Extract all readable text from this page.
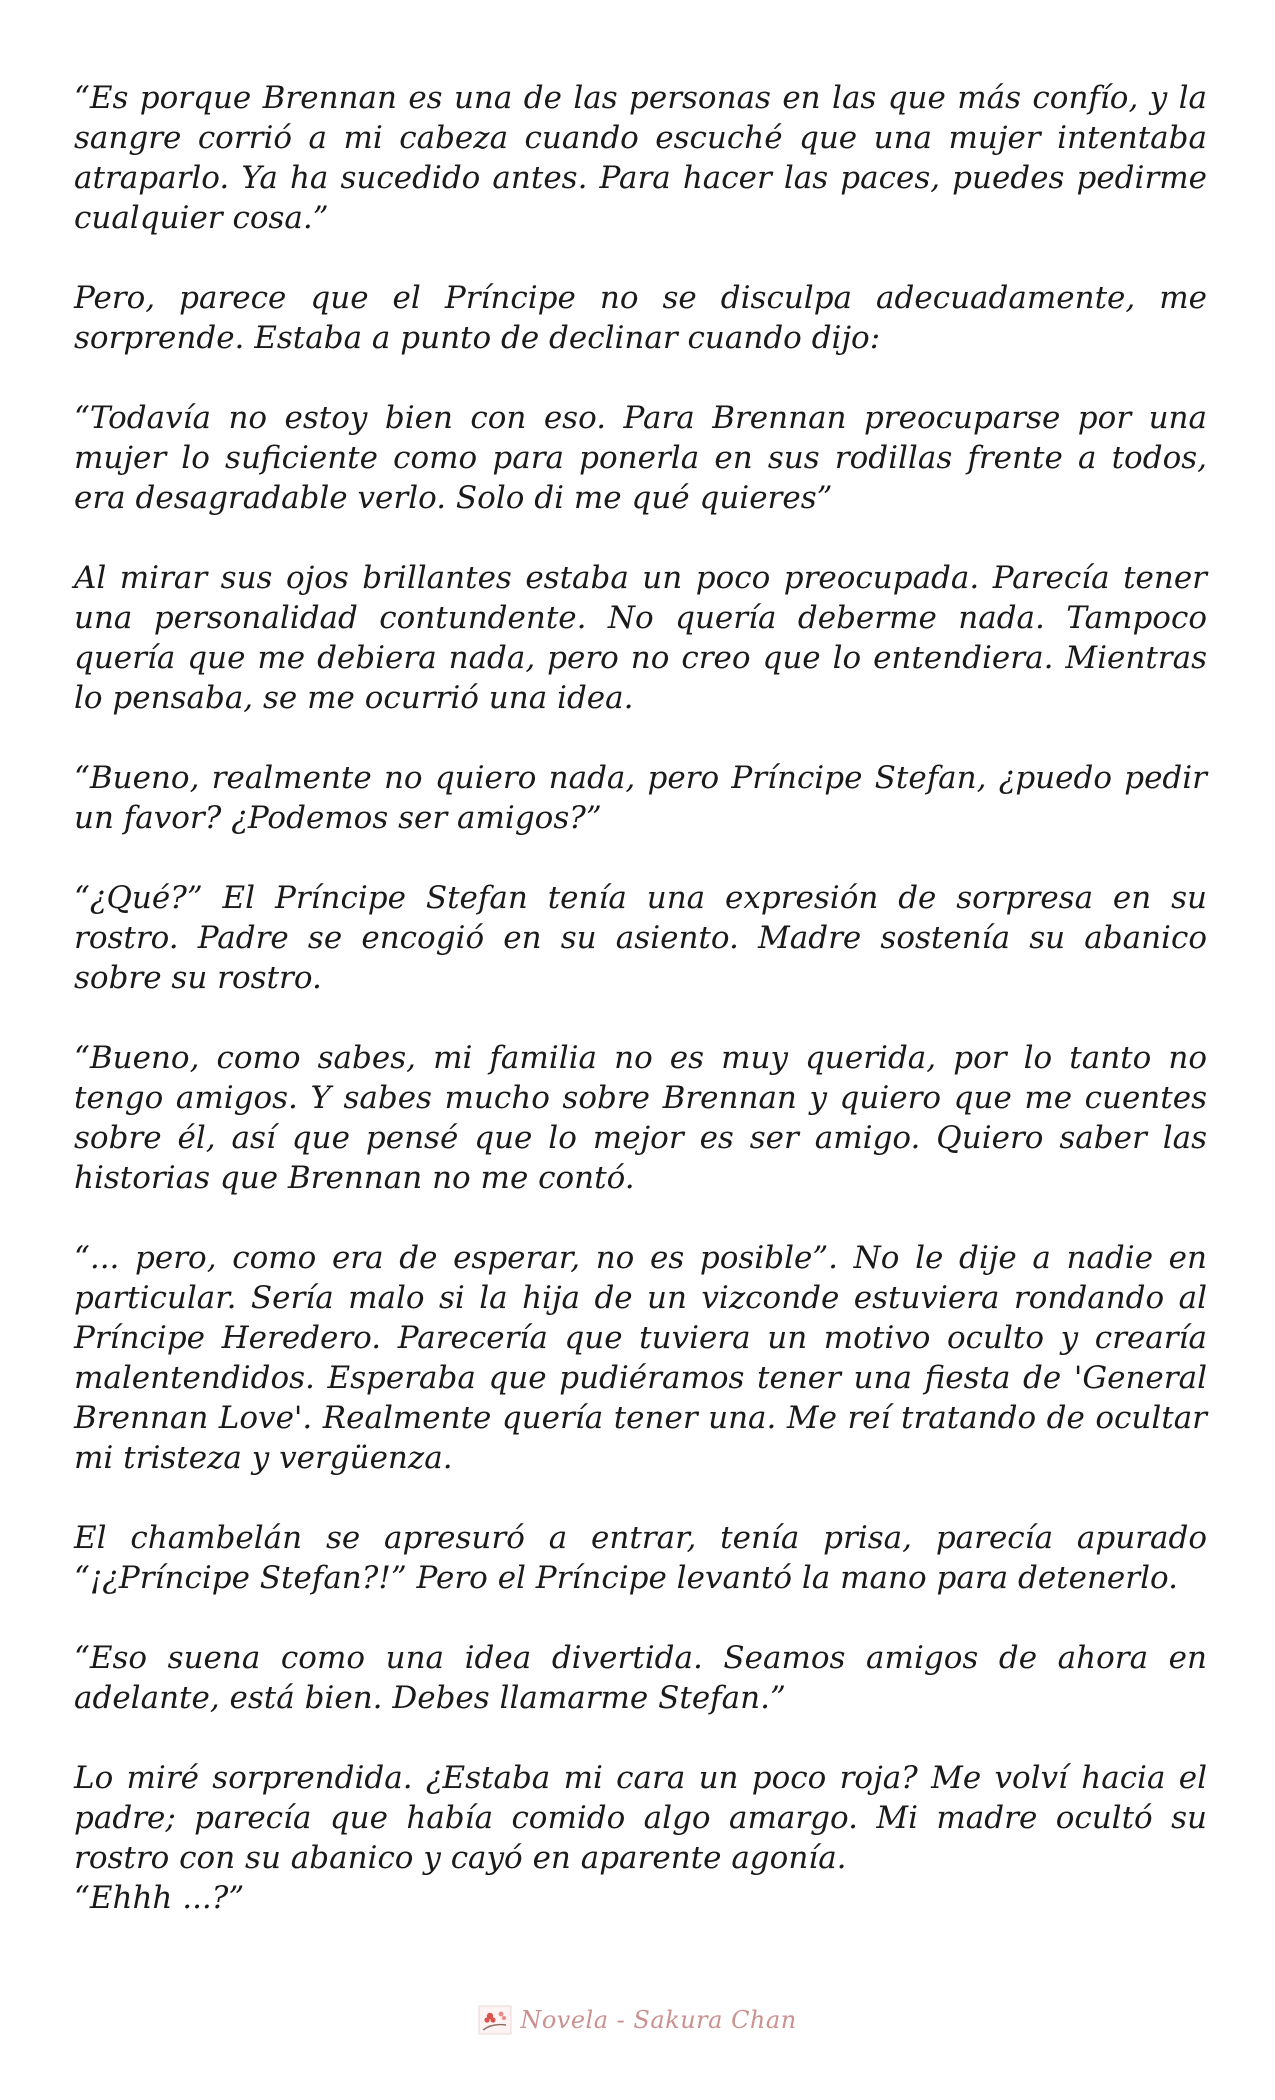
“Es porque Brennan es una de las personas en las que más confío, y la sangre corrió a mi cabeza cuando escuché que una mujer intentaba atraparlo. Ya ha sucedido antes. Para hacer las paces, puedes pedirme cualquier cosa.”

Pero, parece que el Príncipe no se disculpa adecuadamente, me sorprende. Estaba a punto de declinar cuando dijo:

“Todavía no estoy bien con eso. Para Brennan preocuparse por una mujer lo suficiente como para ponerla en sus rodillas frente a todos, era desagradable verlo. Solo di me qué quieres”

Al mirar sus ojos brillantes estaba un poco preocupada. Parecía tener una personalidad contundente. No quería deberme nada. Tampoco quería que me debiera nada, pero no creo que lo entendiera. Mientras lo pensaba, se me ocurrió una idea.

“Bueno, realmente no quiero nada, pero Príncipe Stefan, ¿puedo pedir un favor? ¿Podemos ser amigos?”

“¿Qué?” El Príncipe Stefan tenía una expresión de sorpresa en su rostro. Padre se encogió en su asiento. Madre sostenía su abanico sobre su rostro.

“Bueno, como sabes, mi familia no es muy querida, por lo tanto no tengo amigos. Y sabes mucho sobre Brennan y quiero que me cuentes sobre él, así que pensé que lo mejor es ser amigo. Quiero saber las historias que Brennan no me contó.

“... pero, como era de esperar, no es posible”. No le dije a nadie en particular. Sería malo si la hija de un vizconde estuviera rondando al Príncipe Heredero. Parecería que tuviera un motivo oculto y crearía malentendidos. Esperaba que pudiéramos tener una fiesta de 'General Brennan Love'. Realmente quería tener una. Me reí tratando de ocultar mi tristeza y vergüenza.

El chambelán se apresuró a entrar, tenía prisa, parecía apurado “¡¿Príncipe Stefan?!” Pero el Príncipe levantó la mano para detenerlo.

“Eso suena como una idea divertida. Seamos amigos de ahora en adelante, está bien. Debes llamarme Stefan.”

Lo miré sorprendida. ¿Estaba mi cara un poco roja? Me volví hacia el padre; parecía que había comido algo amargo. Mi madre ocultó su rostro con su abanico y cayó en aparente agonía.

“Ehhh ...?”

Novela - Sakura Chan
